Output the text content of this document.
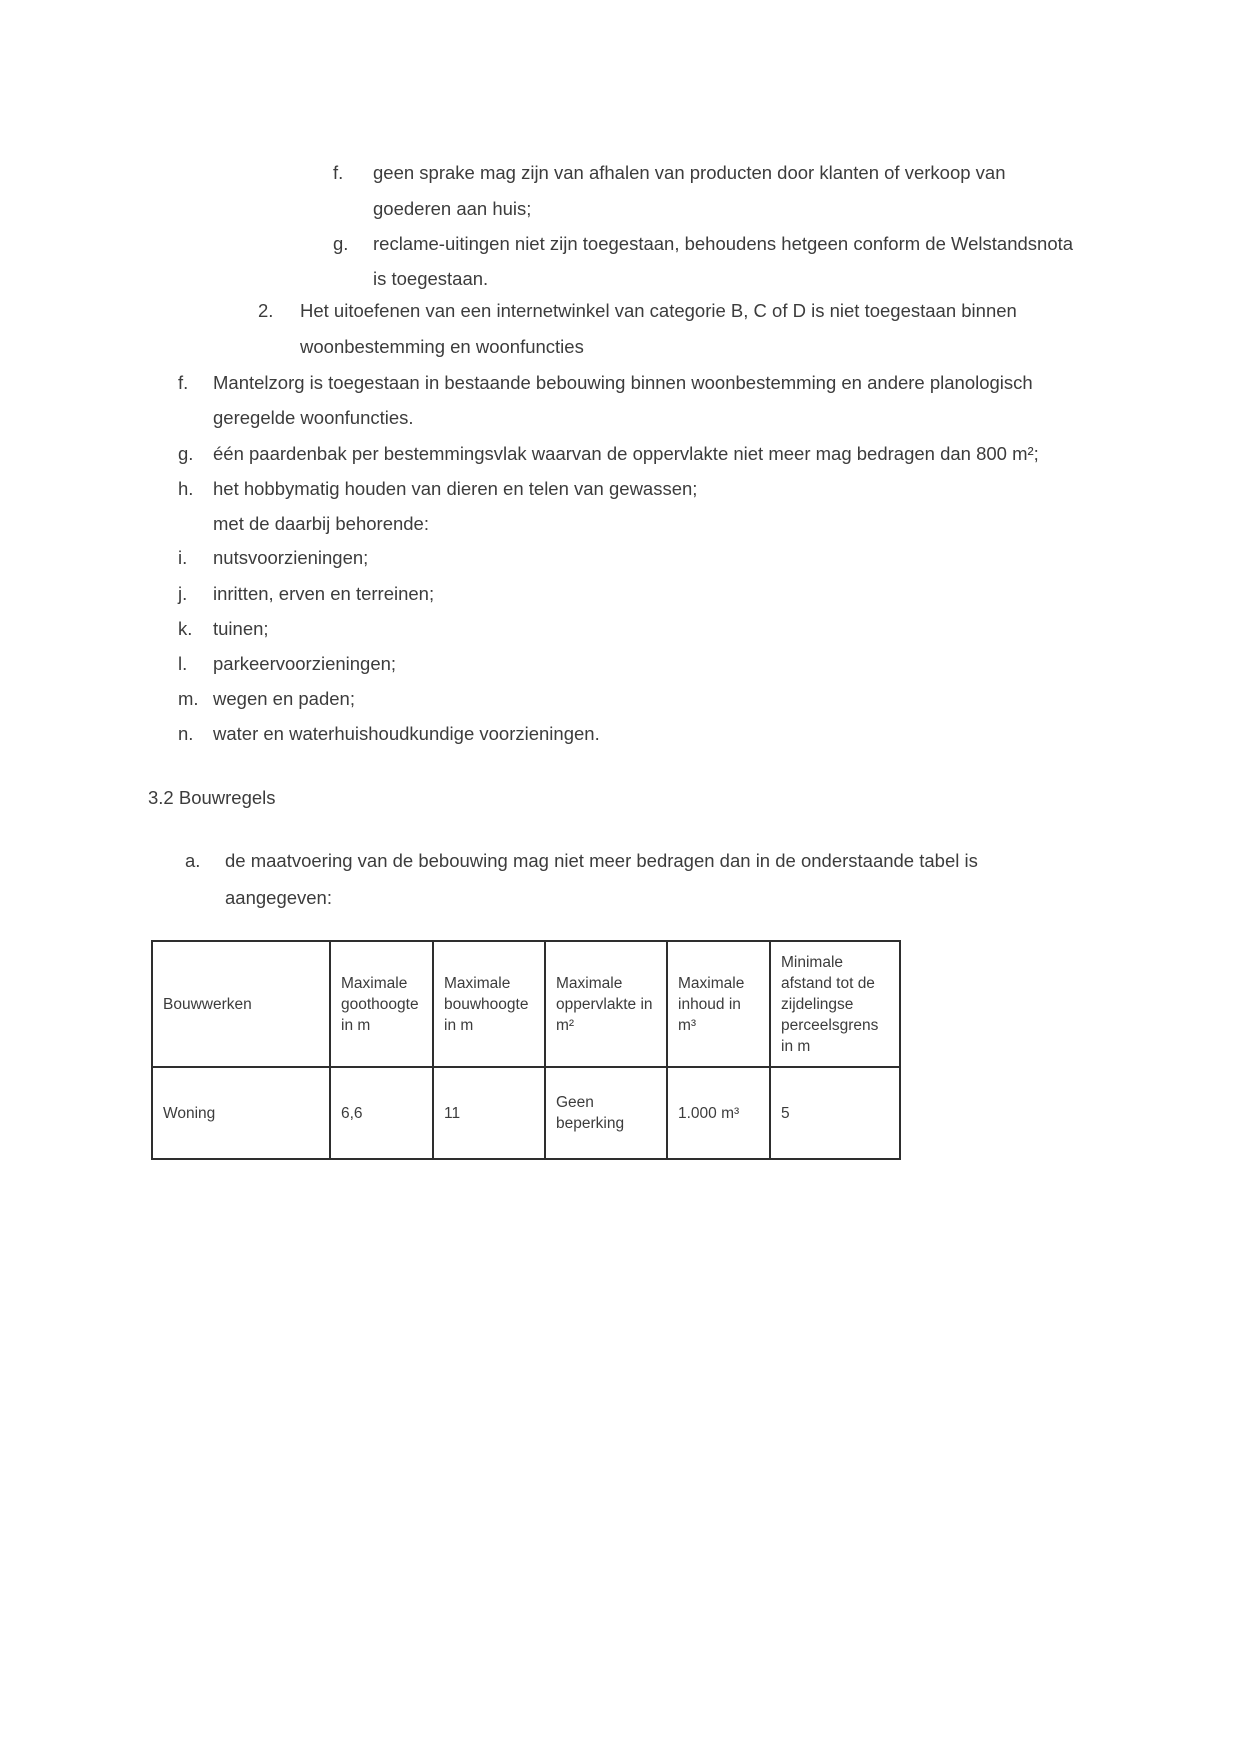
f. geen sprake mag zijn van afhalen van producten door klanten of verkoop van
goederen aan huis;
g. reclame-uitingen niet zijn toegestaan, behoudens hetgeen conform de Welstandsnota
is toegestaan.
2. Het uitoefenen van een internetwinkel van categorie B, C of D is niet toegestaan binnen
woonbestemming en woonfuncties
f. Mantelzorg is toegestaan in bestaande bebouwing binnen woonbestemming en andere planologisch
geregelde woonfuncties.
g. één paardenbak per bestemmingsvlak waarvan de oppervlakte niet meer mag bedragen dan 800 m²;
h. het hobbymatig houden van dieren en telen van gewassen;
met de daarbij behorende:
i. nutsvoorzieningen;
j. inritten, erven en terreinen;
k. tuinen;
l. parkeervoorzieningen;
m. wegen en paden;
n. water en waterhuishoudkundige voorzieningen.
3.2 Bouwregels
a. de maatvoering van de bebouwing mag niet meer bedragen dan in de onderstaande tabel is
aangegeven:
Bouwwerken	Maximale goothoogte in m	Maximale bouwhoogte in m	Maximale oppervlakte in m²	Maximale inhoud in m³	Minimale afstand tot de zijdelingse perceelsgrens in m
Woning	6,6	11	Geen beperking	1.000 m³	5
